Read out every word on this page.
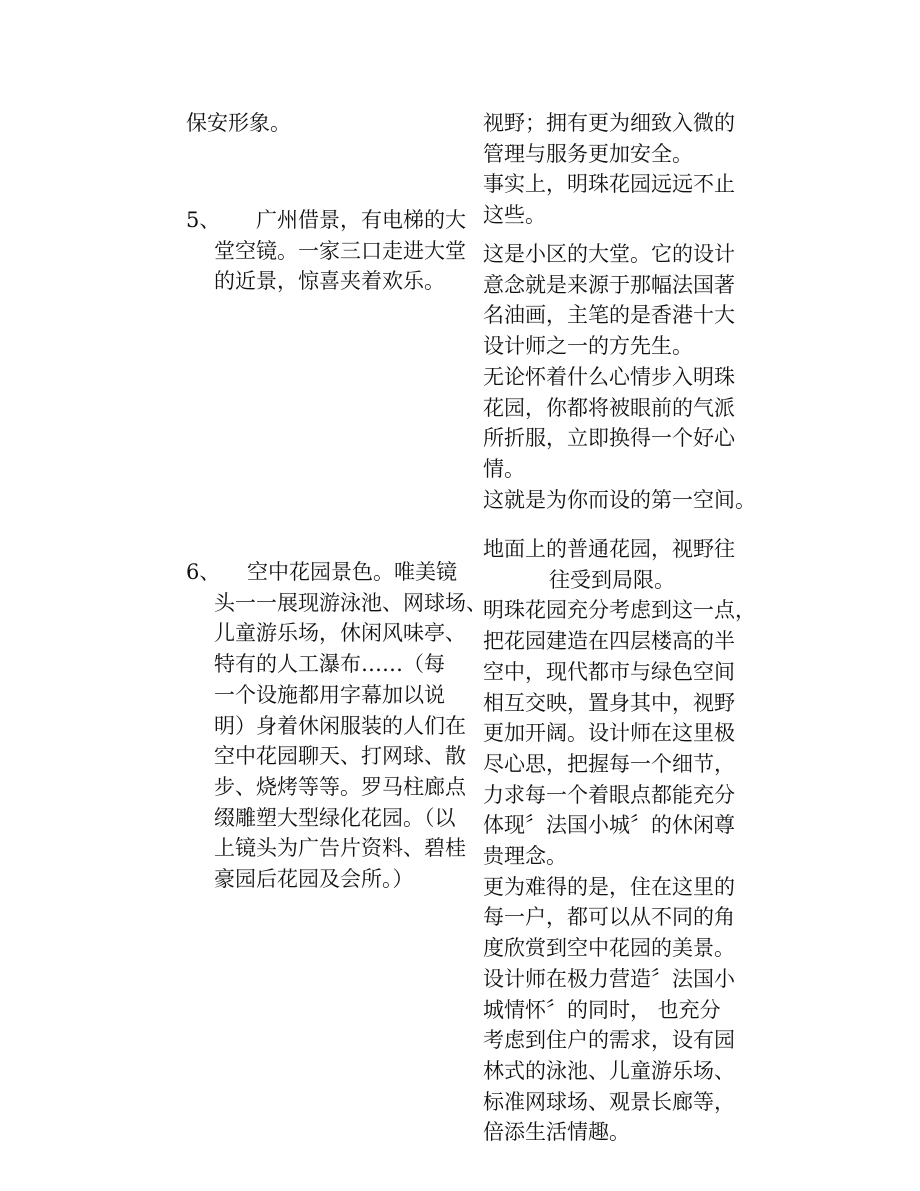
保安形象。	视野；拥有更为细致入微的
管理与服务更加安全。
事实上，明珠花园远远不止
这些。
5、 广州借景，有电梯的大
堂空镜。一家三口走进大堂
的近景，惊喜夹着欢乐。
这是小区的大堂。它的设计
意念就是来源于那幅法国著
名油画，主笔的是香港十大
设计师之一的方先生。
无论怀着什么心情步入明珠
花园，你都将被眼前的气派
所折服，立即换得一个好心
情。
这就是为你而设的第一空间。
6、 空中花园景色。唯美镜
头一一展现游泳池、网球场、
儿童游乐场，休闲风味亭、
特有的人工瀑布……（每
一个设施都用字幕加以说
明）身着休闲服装的人们在
空中花园聊天、打网球、散
步、烧烤等等。罗马柱廊点
缀雕塑大型绿化花园。（以
上镜头为广告片资料、碧桂
豪园后花园及会所。）
地面上的普通花园，视野往
往受到局限。
明珠花园充分考虑到这一点，
把花园建造在四层楼高的半
空中，现代都市与绿色空间
相互交映，置身其中，视野
更加开阔。设计师在这里极
尽心思，把握每一个细节，
力求每一个着眼点都能充分
体现〞法国小城〞的休闲尊
贵理念。
更为难得的是，住在这里的
每一户，都可以从不同的角
度欣赏到空中花园的美景。
设计师在极力营造〞法国小
城情怀〞的同时， 也充分
考虑到住户的需求，设有园
林式的泳池、儿童游乐场、
标准网球场、观景长廊等，
倍添生活情趣。
